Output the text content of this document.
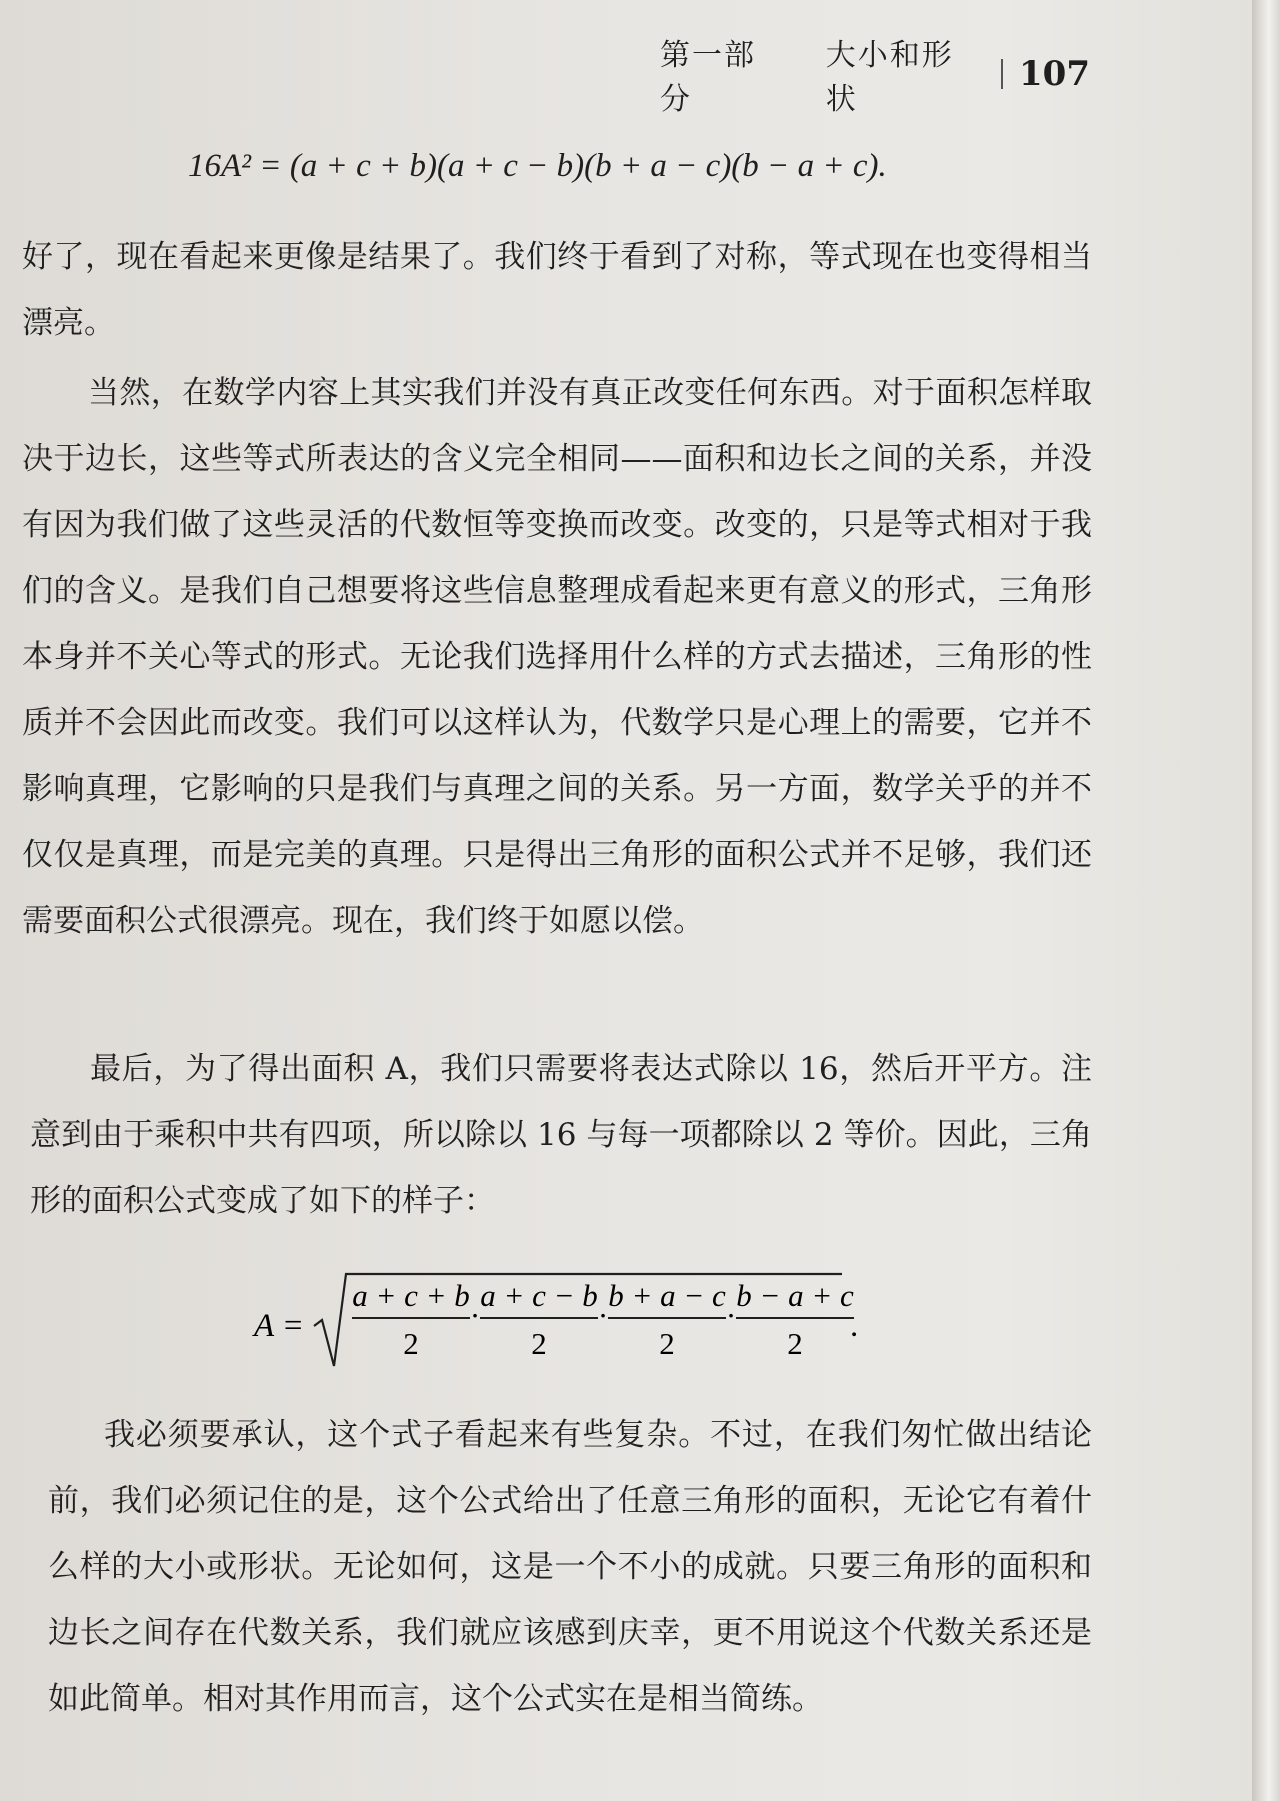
第一部分
大小和形状
107
16A² = (a + c + b)(a + c − b)(b + a − c)(b − a + c).
好了，现在看起来更像是结果了。我们终于看到了对称，等式现在也变得相当漂亮。
当然，在数学内容上其实我们并没有真正改变任何东西。对于面积怎样取决于边长，这些等式所表达的含义完全相同——面积和边长之间的关系，并没有因为我们做了这些灵活的代数恒等变换而改变。改变的，只是等式相对于我们的含义。是我们自己想要将这些信息整理成看起来更有意义的形式，三角形本身并不关心等式的形式。无论我们选择用什么样的方式去描述，三角形的性质并不会因此而改变。我们可以这样认为，代数学只是心理上的需要，它并不影响真理，它影响的只是我们与真理之间的关系。另一方面，数学关乎的并不仅仅是真理，而是完美的真理。只是得出三角形的面积公式并不足够，我们还需要面积公式很漂亮。现在，我们终于如愿以偿。
最后，为了得出面积 A，我们只需要将表达式除以 16，然后开平方。注意到由于乘积中共有四项，所以除以 16 与每一项都除以 2 等价。因此，三角形的面积公式变成了如下的样子：
A =
a + c + b
2
·
a + c − b
2
·
b + a − c
2
·
b − a + c
2 .
我必须要承认，这个式子看起来有些复杂。不过，在我们匆忙做出结论前，我们必须记住的是，这个公式给出了任意三角形的面积，无论它有着什么样的大小或形状。无论如何，这是一个不小的成就。只要三角形的面积和边长之间存在代数关系，我们就应该感到庆幸，更不用说这个代数关系还是如此简单。相对其作用而言，这个公式实在是相当简练。
